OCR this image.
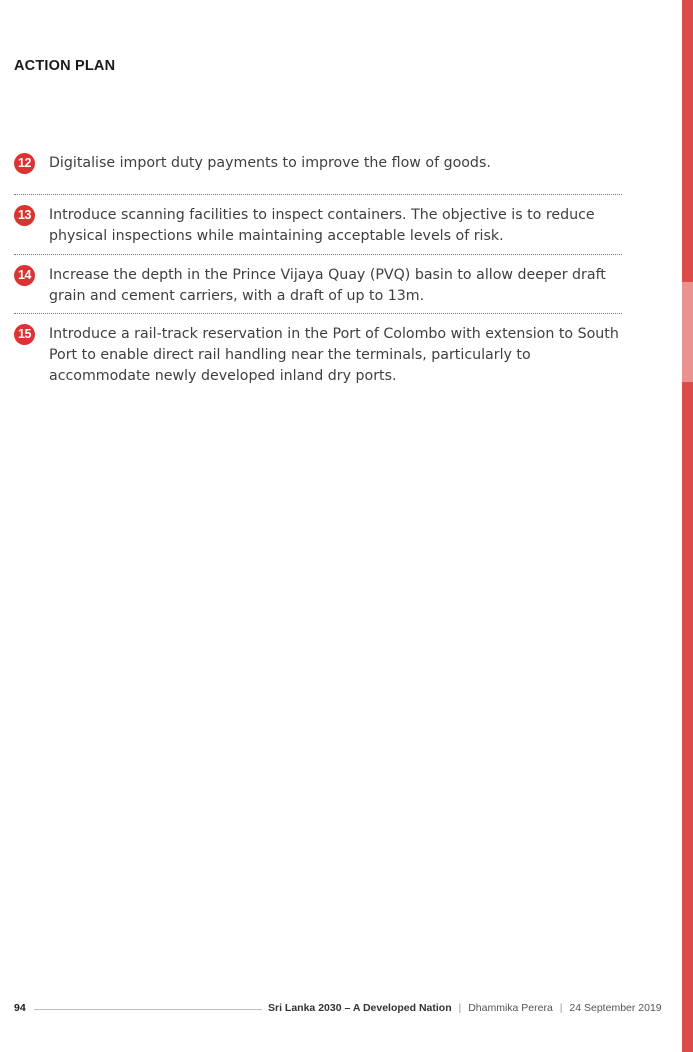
ACTION PLAN
12 Digitalise import duty payments to improve the flow of goods.

13 Introduce scanning facilities to inspect containers. The objective is to reduce physical inspections while maintaining acceptable levels of risk.

14 Increase the depth in the Prince Vijaya Quay (PVQ) basin to allow deeper draft grain and cement carriers, with a draft of up to 13m.

15 Introduce a rail-track reservation in the Port of Colombo with extension to South Port to enable direct rail handling near the terminals, particularly to accommodate newly developed inland dry ports.

94	Sri Lanka 2030 – A Developed Nation | Dhammika Perera | 24 September 2019
